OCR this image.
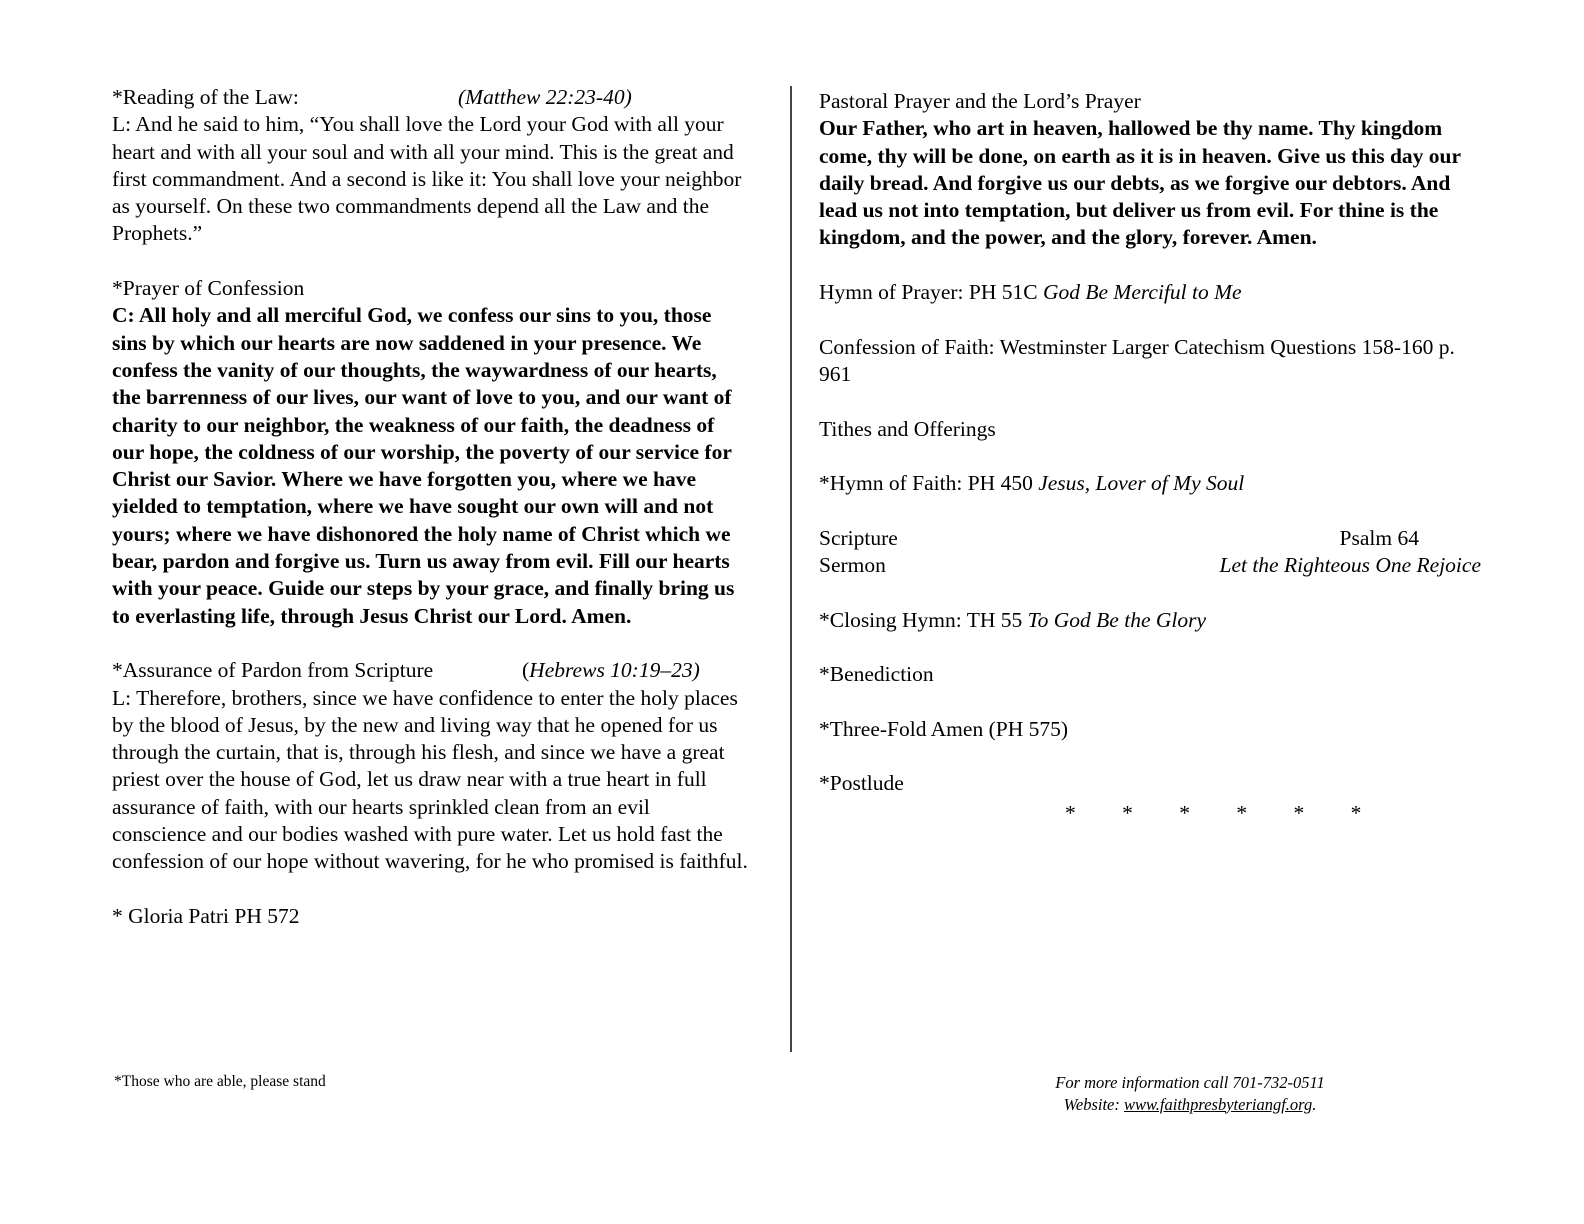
*Reading of the Law:	(Matthew 22:23-40)
L: And he said to him, “You shall love the Lord your God with all your heart and with all your soul and with all your mind. This is the great and first commandment. And a second is like it: You shall love your neighbor as yourself. On these two commandments depend all the Law and the Prophets.”
*Prayer of Confession
C: All holy and all merciful God, we confess our sins to you, those sins by which our hearts are now saddened in your presence. We confess the vanity of our thoughts, the waywardness of our hearts, the barrenness of our lives, our want of love to you, and our want of charity to our neighbor, the weakness of our faith, the deadness of our hope, the coldness of our worship, the poverty of our service for Christ our Savior. Where we have forgotten you, where we have yielded to temptation, where we have sought our own will and not yours; where we have dishonored the holy name of Christ which we bear, pardon and forgive us. Turn us away from evil. Fill our hearts with your peace. Guide our steps by your grace, and finally bring us to everlasting life, through Jesus Christ our Lord. Amen.
*Assurance of Pardon from Scripture	(Hebrews 10:19–23)
L: Therefore, brothers, since we have confidence to enter the holy places by the blood of Jesus, by the new and living way that he opened for us through the curtain, that is, through his flesh, and since we have a great priest over the house of God, let us draw near with a true heart in full assurance of faith, with our hearts sprinkled clean from an evil conscience and our bodies washed with pure water. Let us hold fast the confession of our hope without wavering, for he who promised is faithful.
* Gloria Patri PH 572
Pastoral Prayer and the Lord’s Prayer
Our Father, who art in heaven, hallowed be thy name. Thy kingdom come, thy will be done, on earth as it is in heaven. Give us this day our daily bread. And forgive us our debts, as we forgive our debtors. And lead us not into temptation, but deliver us from evil. For thine is the kingdom, and the power, and the glory, forever. Amen.
Hymn of Prayer: PH 51C God Be Merciful to Me
Confession of Faith: Westminster Larger Catechism Questions 158-160 p. 961
Tithes and Offerings
*Hymn of Faith: PH 450 Jesus, Lover of My Soul
Scripture	Psalm 64
Sermon	Let the Righteous One Rejoice
*Closing Hymn: TH 55 To God Be the Glory
*Benediction
*Three-Fold Amen (PH 575)
*Postlude
* * * * * *
*Those who are able, please stand	For more information call 701-732-0511
Website: www.faithpresbyteriangf.org.
